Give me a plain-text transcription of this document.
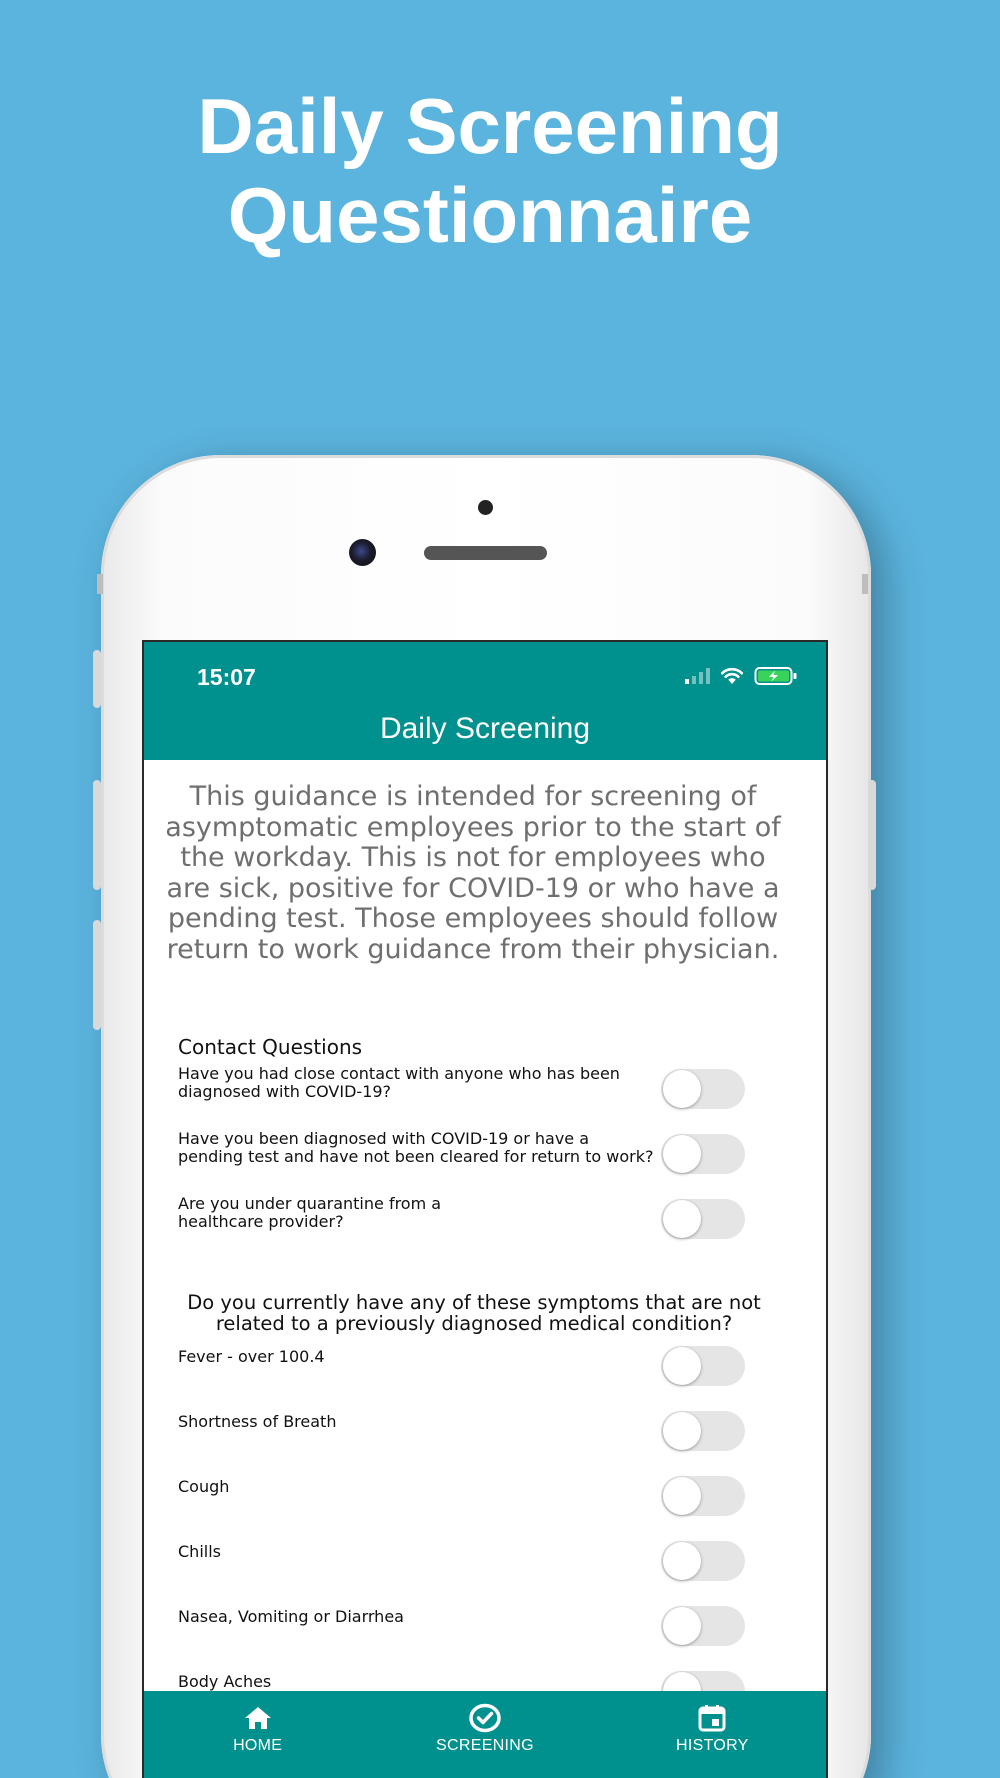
Daily Screening
Questionnaire
15:07
Daily Screening
This guidance is intended for screening of asymptomatic employees prior to the start of the workday. This is not for employees who are sick, positive for COVID-19 or who have a pending test. Those employees should follow return to work guidance from their physician.
Contact Questions
Have you had close contact with anyone who has been diagnosed with COVID-19?
Have you been diagnosed with COVID-19 or have a pending test and have not been cleared for return to work?
Are you under quarantine from a healthcare provider?
Do you currently have any of these symptoms that are not related to a previously diagnosed medical condition?
Fever - over 100.4
Shortness of Breath
Cough
Chills
Nasea, Vomiting or Diarrhea
Body Aches
HOME	SCREENING	HISTORY
